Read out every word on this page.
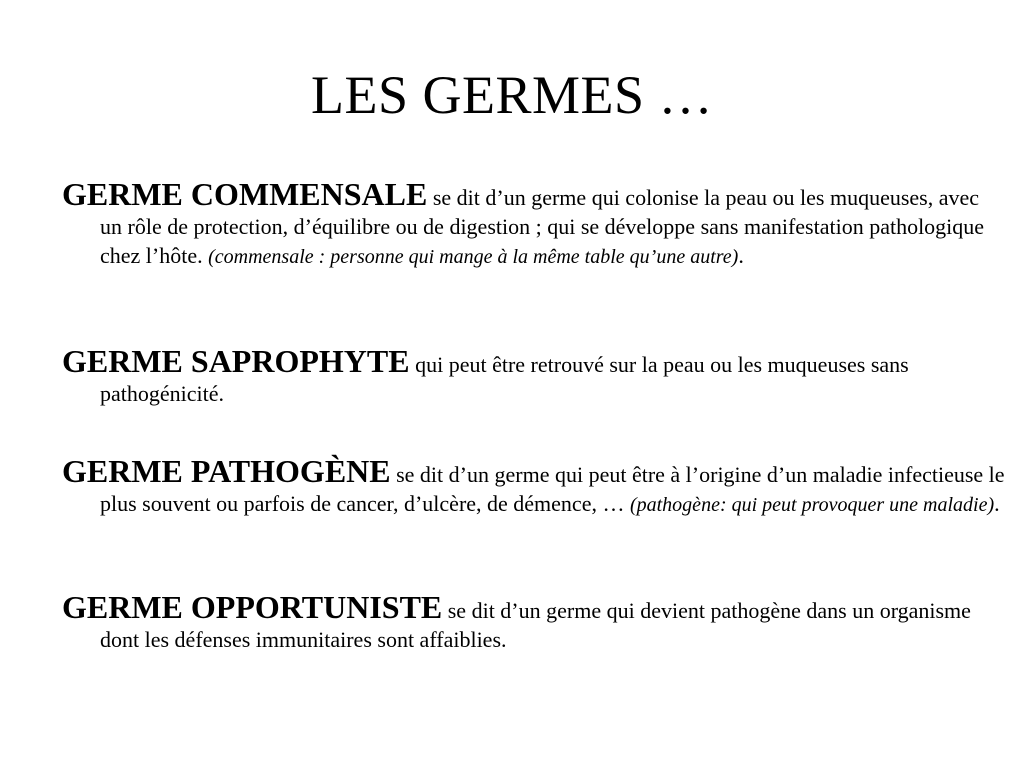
LES GERMES …

GERME COMMENSALE se dit d’un germe qui colonise la peau ou les muqueuses, avec un rôle de protection, d’équilibre ou de digestion ; qui se développe sans manifestation pathologique chez l’hôte. (commensale : personne qui mange à la même table qu’une autre).

GERME SAPROPHYTE qui peut être retrouvé sur la peau ou les muqueuses sans pathogénicité.

GERME PATHOGÈNE se dit d’un germe qui peut être à l’origine d’un maladie infectieuse le plus souvent ou parfois de cancer, d’ulcère, de démence, … (pathogène: qui peut provoquer une maladie).

GERME OPPORTUNISTE se dit d’un germe qui devient pathogène dans un organisme dont les défenses immunitaires sont affaiblies.
